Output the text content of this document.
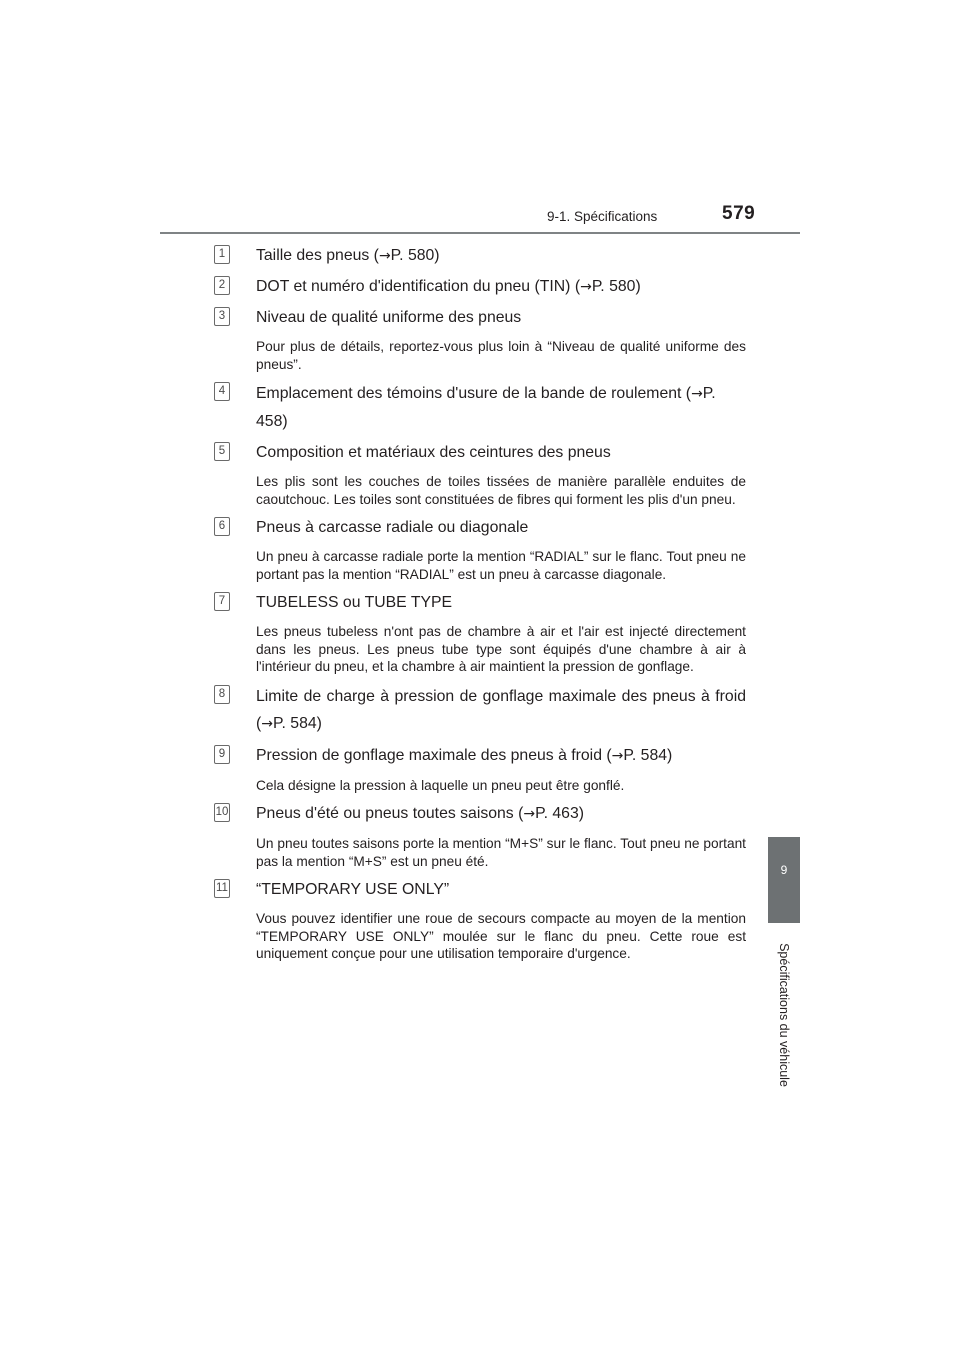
9-1. Spécifications	579
9
Spécifications du véhicule
1	Taille des pneus (→P. 580)

2	DOT et numéro d'identification du pneu (TIN) (→P. 580)

3	Niveau de qualité uniforme des pneus

Pour plus de détails, reportez-vous plus loin à “Niveau de qualité uniforme des pneus”.

4	Emplacement des témoins d'usure de la bande de roulement (→P. 458)

5	Composition et matériaux des ceintures des pneus

Les plis sont les couches de toiles tissées de manière parallèle enduites de caoutchouc. Les toiles sont constituées de fibres qui forment les plis d'un pneu.

6	Pneus à carcasse radiale ou diagonale

Un pneu à carcasse radiale porte la mention “RADIAL” sur le flanc. Tout pneu ne portant pas la mention “RADIAL” est un pneu à carcasse diagonale.

7	TUBELESS ou TUBE TYPE

Les pneus tubeless n'ont pas de chambre à air et l'air est injecté directement dans les pneus. Les pneus tube type sont équipés d'une chambre à air à l'intérieur du pneu, et la chambre à air maintient la pression de gonflage.

8	Limite de charge à pression de gonflage maximale des pneus à froid (→P. 584)

9	Pression de gonflage maximale des pneus à froid (→P. 584)

Cela désigne la pression à laquelle un pneu peut être gonflé.

10 Pneus d'été ou pneus toutes saisons (→P. 463)

Un pneu toutes saisons porte la mention “M+S” sur le flanc. Tout pneu ne portant pas la mention “M+S” est un pneu été.

11 “TEMPORARY USE ONLY”

Vous pouvez identifier une roue de secours compacte au moyen de la mention “TEMPORARY USE ONLY” moulée sur le flanc du pneu. Cette roue est uniquement conçue pour une utilisation temporaire d'urgence.
